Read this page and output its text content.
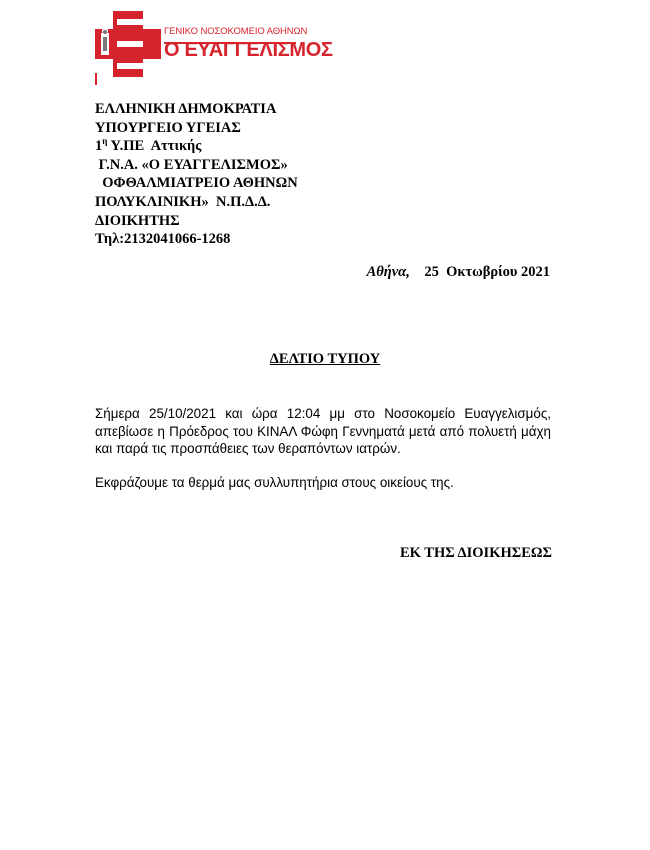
ΓΕΝΙΚΟ ΝΟΣΟΚΟΜΕΙΟ ΑΘΗΝΩΝ
Ο ΕΥΑΓΓΕΛΙΣΜΟΣ
ΕΛΛΗΝΙΚΗ ΔΗΜΟΚΡΑΤΙΑ
ΥΠΟΥΡΓΕΙΟ ΥΓΕΙΑΣ
$1^\eta$ Υ.ΠΕ  Αττικής
Γ.Ν.Α. «Ο ΕΥΑΓΓΕΛΙΣΜΟΣ»
ΟΦΘΑΛΜΙΑΤΡΕΙΟ ΑΘΗΝΩΝ
ΠΟΛΥΚΛΙΝΙΚΗ»  Ν.Π.Δ.Δ.
ΔΙΟΙΚΗΤΗΣ
Τηλ:2132041066-1268
Αθήνα,    25  Οκτωβρίου 2021
ΔΕΛΤΙΟ ΤΥΠΟΥ
Σήμερα 25/10/2021 και ώρα 12:04 μμ στο Νοσοκομείο Ευαγγελισμός, απεβίωσε η Πρόεδρος του ΚΙΝΑΛ Φώφη Γεννηματά μετά από πολυετή μάχη και παρά τις προσπάθειες των θεραπόντων ιατρών.
Εκφράζουμε τα θερμά μας συλλυπητήρια στους οικείους της.
ΕΚ ΤΗΣ ΔΙΟΙΚΗΣΕΩΣ
